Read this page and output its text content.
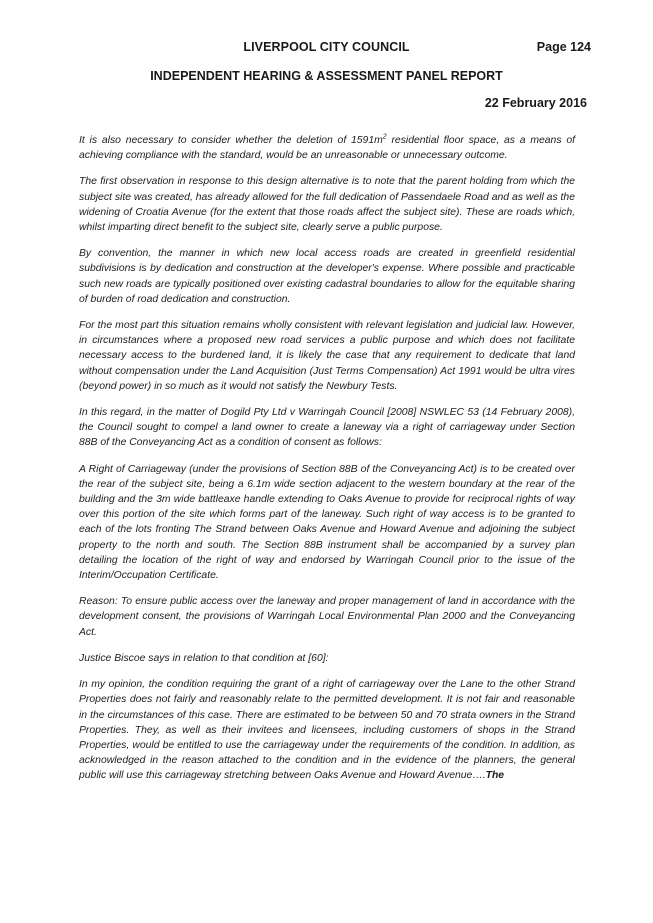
LIVERPOOL CITY COUNCIL	Page 124
INDEPENDENT HEARING & ASSESSMENT PANEL REPORT
22 February 2016

It is also necessary to consider whether the deletion of $1591m^2$ residential floor space, as a means of achieving compliance with the standard, would be an unreasonable or unnecessary outcome.

The first observation in response to this design alternative is to note that the parent holding from which the subject site was created, has already allowed for the full dedication of Passendaele Road and as well as the widening of Croatia Avenue (for the extent that those roads affect the subject site). These are roads which, whilst imparting direct benefit to the subject site, clearly serve a public purpose.

By convention, the manner in which new local access roads are created in greenfield residential subdivisions is by dedication and construction at the developer's expense. Where possible and practicable such new roads are typically positioned over existing cadastral boundaries to allow for the equitable sharing of burden of road dedication and construction.

For the most part this situation remains wholly consistent with relevant legislation and judicial law. However, in circumstances where a proposed new road services a public purpose and which does not facilitate necessary access to the burdened land, it is likely the case that any requirement to dedicate that land without compensation under the Land Acquisition (Just Terms Compensation) Act 1991 would be ultra vires (beyond power) in so much as it would not satisfy the Newbury Tests.

In this regard, in the matter of Dogild Pty Ltd v Warringah Council [2008] NSWLEC 53 (14 February 2008), the Council sought to compel a land owner to create a laneway via a right of carriageway under Section 88B of the Conveyancing Act as a condition of consent as follows:

A Right of Carriageway (under the provisions of Section 88B of the Conveyancing Act) is to be created over the rear of the subject site, being a 6.1m wide section adjacent to the western boundary at the rear of the building and the 3m wide battleaxe handle extending to Oaks Avenue to provide for reciprocal rights of way over this portion of the site which forms part of the laneway. Such right of way access is to be granted to each of the lots fronting The Strand between Oaks Avenue and Howard Avenue and adjoining the subject property to the north and south. The Section 88B instrument shall be accompanied by a survey plan detailing the location of the right of way and endorsed by Warringah Council prior to the issue of the Interim/Occupation Certificate.

Reason: To ensure public access over the laneway and proper management of land in accordance with the development consent, the provisions of Warringah Local Environmental Plan 2000 and the Conveyancing Act.

Justice Biscoe says in relation to that condition at [60]:

In my opinion, the condition requiring the grant of a right of carriageway over the Lane to the other Strand Properties does not fairly and reasonably relate to the permitted development. It is not fair and reasonable in the circumstances of this case. There are estimated to be between 50 and 70 strata owners in the Strand Properties. They, as well as their invitees and licensees, including customers of shops in the Strand Properties, would be entitled to use the carriageway under the requirements of the condition. In addition, as acknowledged in the reason attached to the condition and in the evidence of the planners, the general public will use this carriageway stretching between Oaks Avenue and Howard Avenue….The
